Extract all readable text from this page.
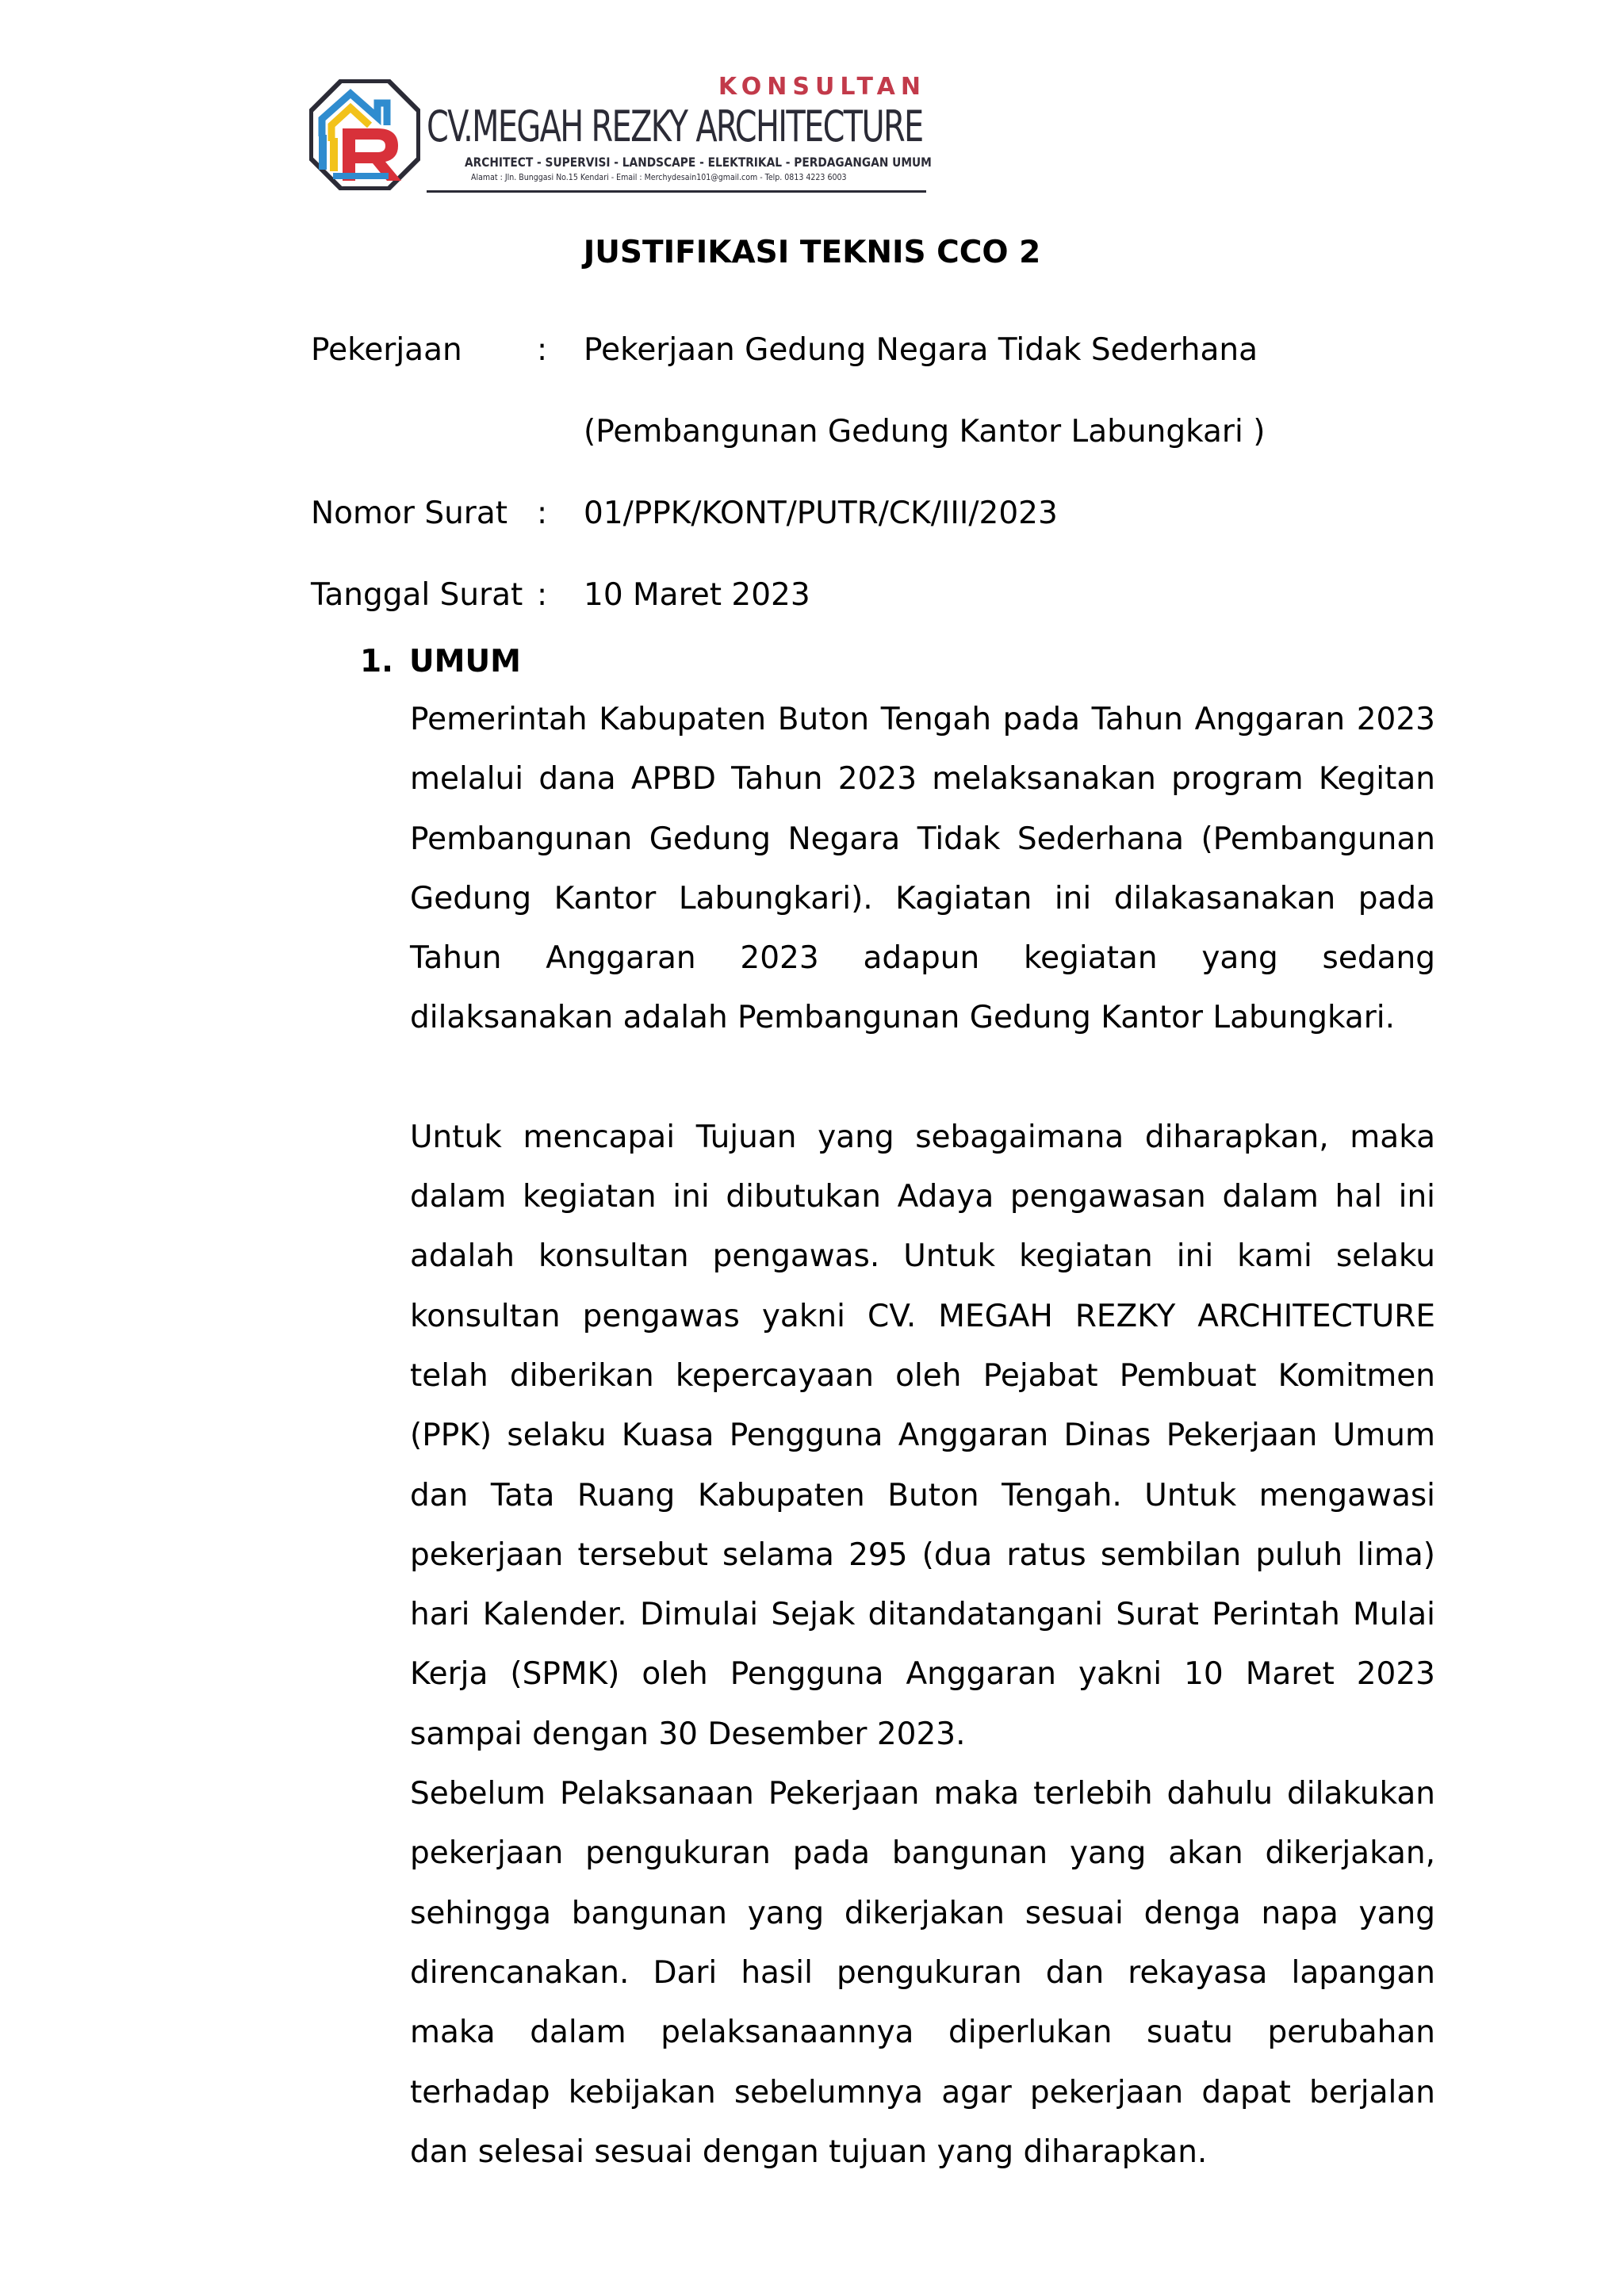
KONSULTAN
CV.MEGAH REZKY ARCHITECTURE
ARCHITECT - SUPERVISI - LANDSCAPE - ELEKTRIKAL - PERDAGANGAN UMUM
Alamat : Jln. Bunggasi No.15 Kendari - Email : Merchydesain101@gmail.com - Telp. 0813 4223 6003
JUSTIFIKASI TEKNIS CCO 2
Pekerjaan	:	Pekerjaan Gedung Negara Tidak Sederhana (Pembangunan Gedung Kantor Labungkari )
Nomor Surat :	01/PPK/KONT/PUTR/CK/III/2023
Tanggal Surat :	10 Maret 2023
1. UMUM

Pemerintah Kabupaten Buton Tengah pada Tahun Anggaran 2023 melalui dana APBD Tahun 2023 melaksanakan program Kegitan Pembangunan Gedung Negara Tidak Sederhana (Pembangunan Gedung Kantor Labungkari). Kagiatan ini dilakasanakan pada Tahun Anggaran 2023 adapun kegiatan yang sedang dilaksanakan adalah Pembangunan Gedung Kantor Labungkari.

Untuk mencapai Tujuan yang sebagaimana diharapkan, maka dalam kegiatan ini dibutukan Adaya pengawasan dalam hal ini adalah konsultan pengawas. Untuk kegiatan ini kami selaku konsultan pengawas yakni CV. MEGAH REZKY ARCHITECTURE telah diberikan kepercayaan oleh Pejabat Pembuat Komitmen (PPK) selaku Kuasa Pengguna Anggaran Dinas Pekerjaan Umum dan Tata Ruang Kabupaten Buton Tengah. Untuk mengawasi pekerjaan tersebut selama 295 (dua ratus sembilan puluh lima) hari Kalender. Dimulai Sejak ditandatangani Surat Perintah Mulai Kerja (SPMK) oleh Pengguna Anggaran yakni 10 Maret 2023 sampai dengan 30 Desember 2023.

Sebelum Pelaksanaan Pekerjaan maka terlebih dahulu dilakukan pekerjaan pengukuran pada bangunan yang akan dikerjakan, sehingga bangunan yang dikerjakan sesuai denga napa yang direncanakan. Dari hasil pengukuran dan rekayasa lapangan maka dalam pelaksanaannya diperlukan suatu perubahan terhadap kebijakan sebelumnya agar pekerjaan dapat berjalan dan selesai sesuai dengan tujuan yang diharapkan.
